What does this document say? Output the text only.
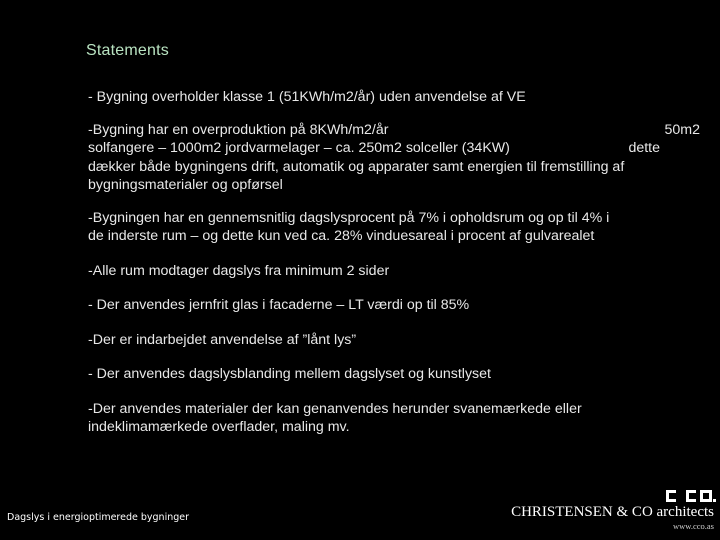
Statements
- Bygning overholder klasse 1 (51KWh/m2/år) uden anvendelse af VE
-Bygning har en overproduktion på 8KWh/m2/år	50m2
solfangere – 1000m2 jordvarmelager – ca. 250m2 solceller (34KW)	dette
dækker både bygningens drift, automatik og apparater samt energien til fremstilling af
bygningsmaterialer og opførsel
-Bygningen har en gennemsnitlig dagslysprocent på 7% i opholdsrum og op til 4% i
de inderste rum – og dette kun ved ca. 28% vinduesareal i procent af gulvarealet
-Alle rum modtager dagslys fra minimum 2 sider
- Der anvendes jernfrit glas i facaderne – LT værdi op til 85%
-Der er indarbejdet anvendelse af ”lånt lys”
- Der anvendes dagslysblanding mellem dagslyset og kunstlyset
-Der anvendes materialer der kan genanvendes herunder svanemærkede eller
indeklimamærkede overflader, maling mv.
Dagslys i energioptimerede bygninger	CHRISTENSEN & CO architects
www.cco.as
